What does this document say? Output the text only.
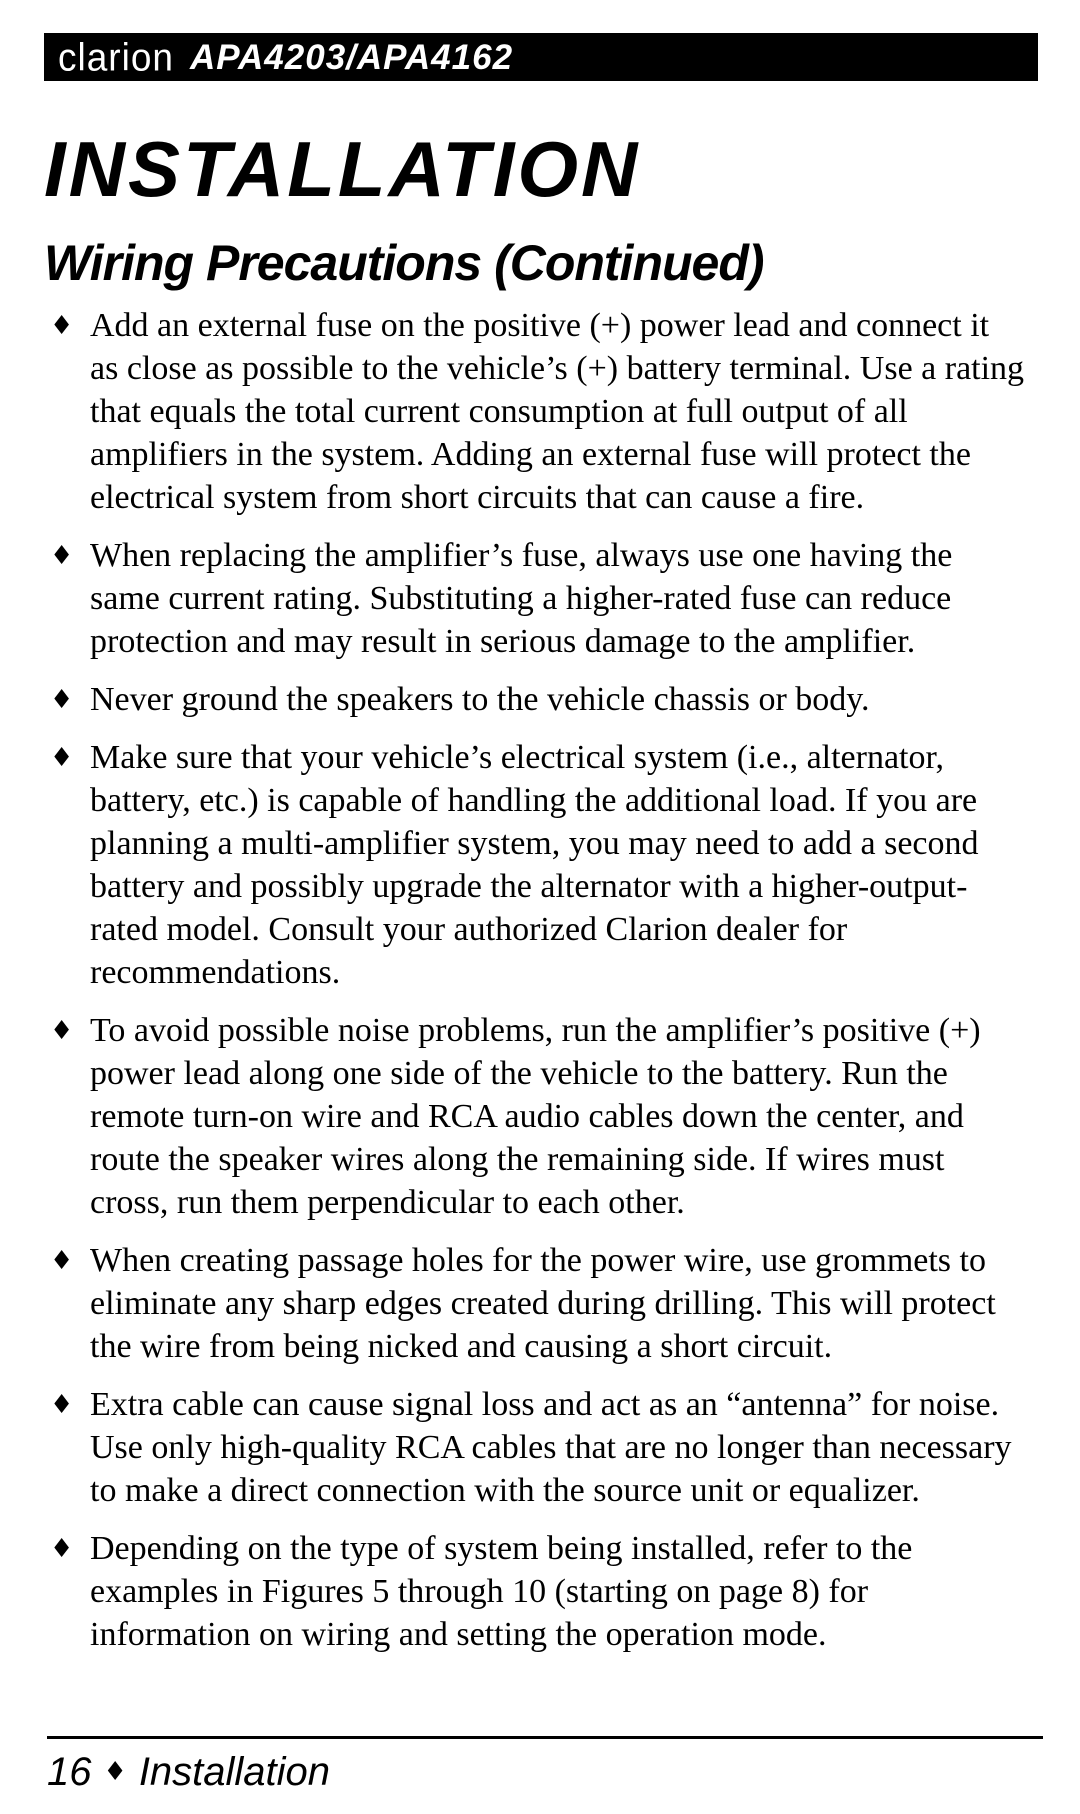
clarion APA4203/APA4162
INSTALLATION
Wiring Precautions (Continued)

♦ Add an external fuse on the positive (+) power lead and connect it as close as possible to the vehicle’s (+) battery terminal. Use a rating that equals the total current consumption at full output of all amplifiers in the system. Adding an external fuse will protect the electrical system from short circuits that can cause a fire.

♦ When replacing the amplifier’s fuse, always use one having the same current rating. Substituting a higher-rated fuse can reduce protection and may result in serious damage to the amplifier.

♦ Never ground the speakers to the vehicle chassis or body.

♦ Make sure that your vehicle’s electrical system (i.e., alternator, battery, etc.) is capable of handling the additional load. If you are planning a multi-amplifier system, you may need to add a second battery and possibly upgrade the alternator with a higher-output-rated model. Consult your authorized Clarion dealer for recommendations.

♦ To avoid possible noise problems, run the amplifier’s positive (+) power lead along one side of the vehicle to the battery. Run the remote turn-on wire and RCA audio cables down the center, and route the speaker wires along the remaining side. If wires must cross, run them perpendicular to each other.

♦ When creating passage holes for the power wire, use grommets to eliminate any sharp edges created during drilling. This will protect the wire from being nicked and causing a short circuit.

♦ Extra cable can cause signal loss and act as an “antenna” for noise. Use only high-quality RCA cables that are no longer than necessary to make a direct connection with the source unit or equalizer.

♦ Depending on the type of system being installed, refer to the examples in Figures 5 through 10 (starting on page 8) for information on wiring and setting the operation mode.

16 ♦ Installation
